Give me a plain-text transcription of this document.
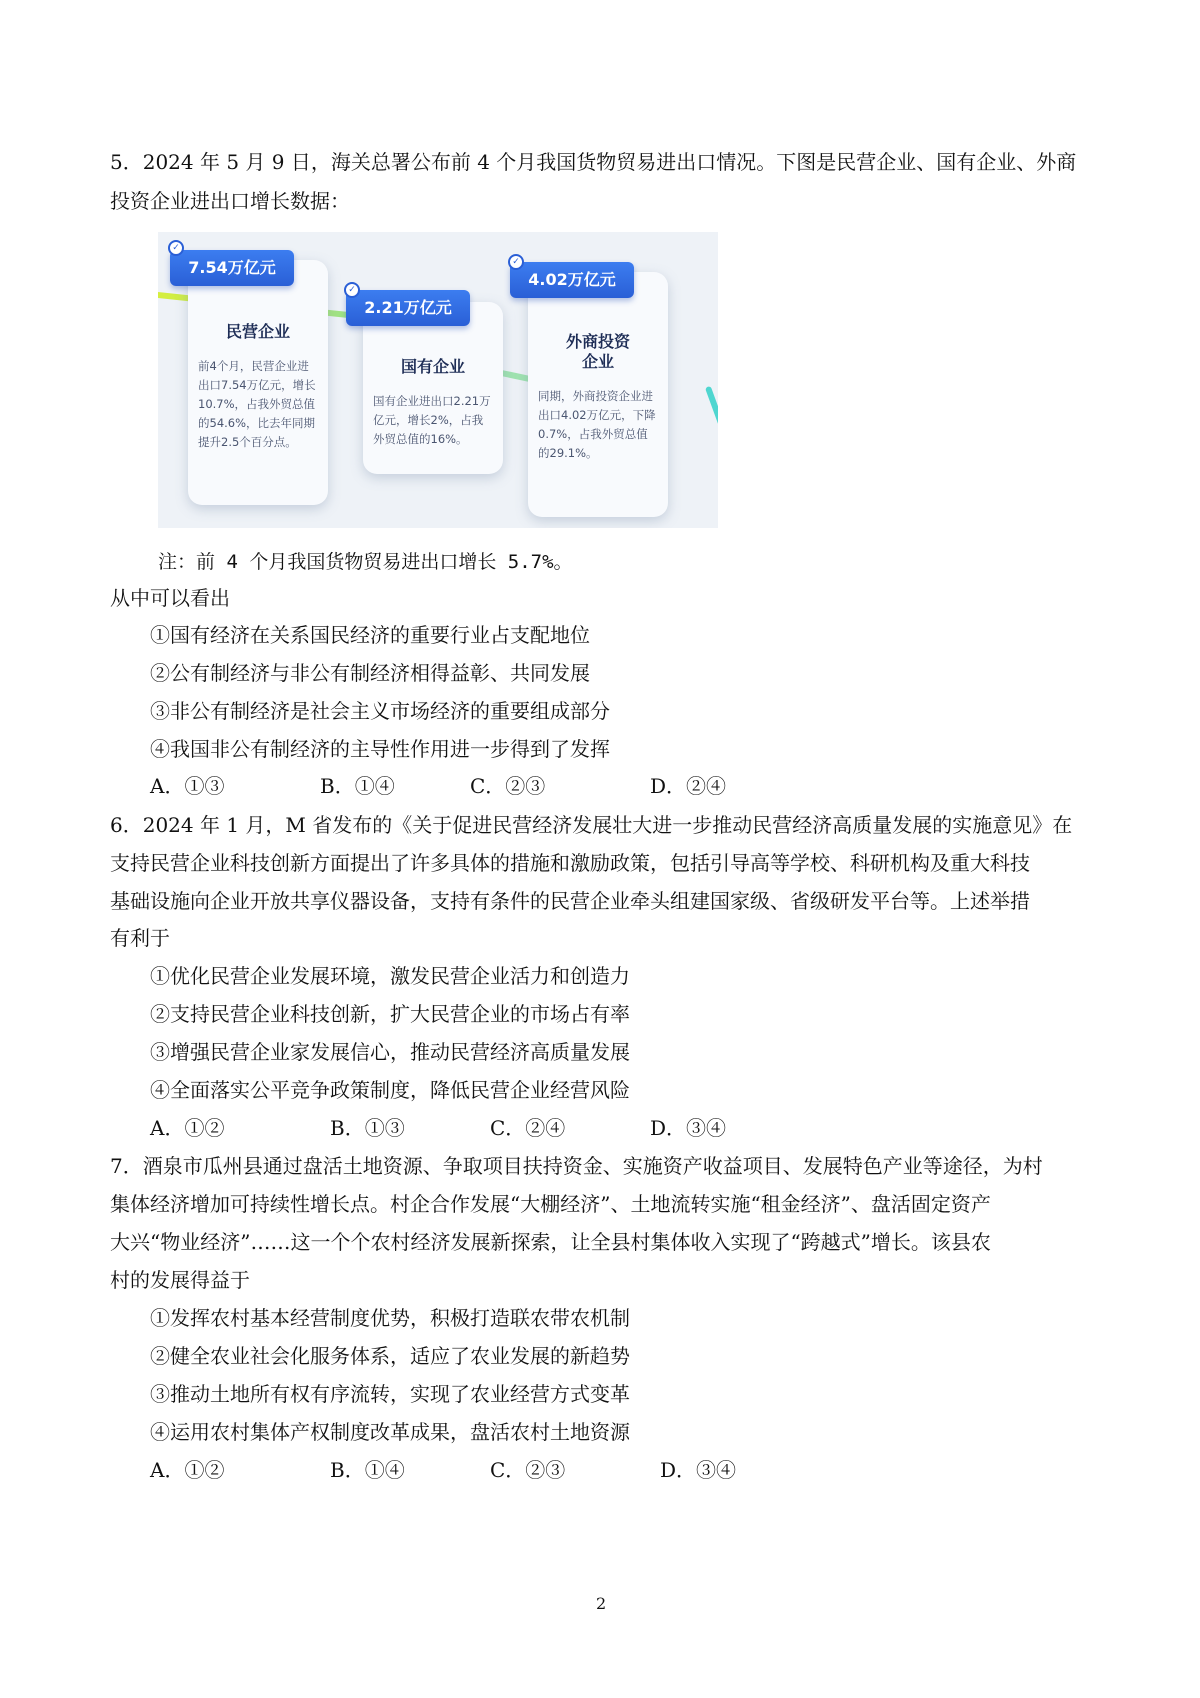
5．2024 年 5 月 9 日，海关总署公布前 4 个月我国货物贸易进出口情况。下图是民营企业、国有企业、外商
投资企业进出口增长数据：
7.54万亿元
✓
民营企业
前4个月，民营企业进出口7.54万亿元，增长10.7%，占我外贸总值的54.6%，比去年同期提升2.5个百分点。
2.21万亿元
✓
国有企业
国有企业进出口2.21万亿元，增长2%，占我外贸总值的16%。
4.02万亿元
✓
外商投资
企业
同期，外商投资企业进出口4.02万亿元，下降0.7%，占我外贸总值的29.1%。
注：前 4 个月我国货物贸易进出口增长 5.7%。
从中可以看出
①国有经济在关系国民经济的重要行业占支配地位
②公有制经济与非公有制经济相得益彰、共同发展
③非公有制经济是社会主义市场经济的重要组成部分
④我国非公有制经济的主导性作用进一步得到了发挥
A．①③	B．①④	C．②③	D．②④
6．2024 年 1 月，M 省发布的《关于促进民营经济发展壮大进一步推动民营经济高质量发展的实施意见》在
支持民营企业科技创新方面提出了许多具体的措施和激励政策，包括引导高等学校、科研机构及重大科技
基础设施向企业开放共享仪器设备，支持有条件的民营企业牵头组建国家级、省级研发平台等。上述举措
有利于
①优化民营企业发展环境，激发民营企业活力和创造力
②支持民营企业科技创新，扩大民营企业的市场占有率
③增强民营企业家发展信心，推动民营经济高质量发展
④全面落实公平竞争政策制度，降低民营企业经营风险
A．①②	B．①③	C．②④	D．③④
7．酒泉市瓜州县通过盘活土地资源、争取项目扶持资金、实施资产收益项目、发展特色产业等途径，为村
集体经济增加可持续性增长点。村企合作发展“大棚经济”、土地流转实施“租金经济”、盘活固定资产
大兴“物业经济”……这一个个农村经济发展新探索，让全县村集体收入实现了“跨越式”增长。该县农
村的发展得益于
①发挥农村基本经营制度优势，积极打造联农带农机制
②健全农业社会化服务体系，适应了农业发展的新趋势
③推动土地所有权有序流转，实现了农业经营方式变革
④运用农村集体产权制度改革成果，盘活农村土地资源
A．①②	B．①④	C．②③	D．③④
2
